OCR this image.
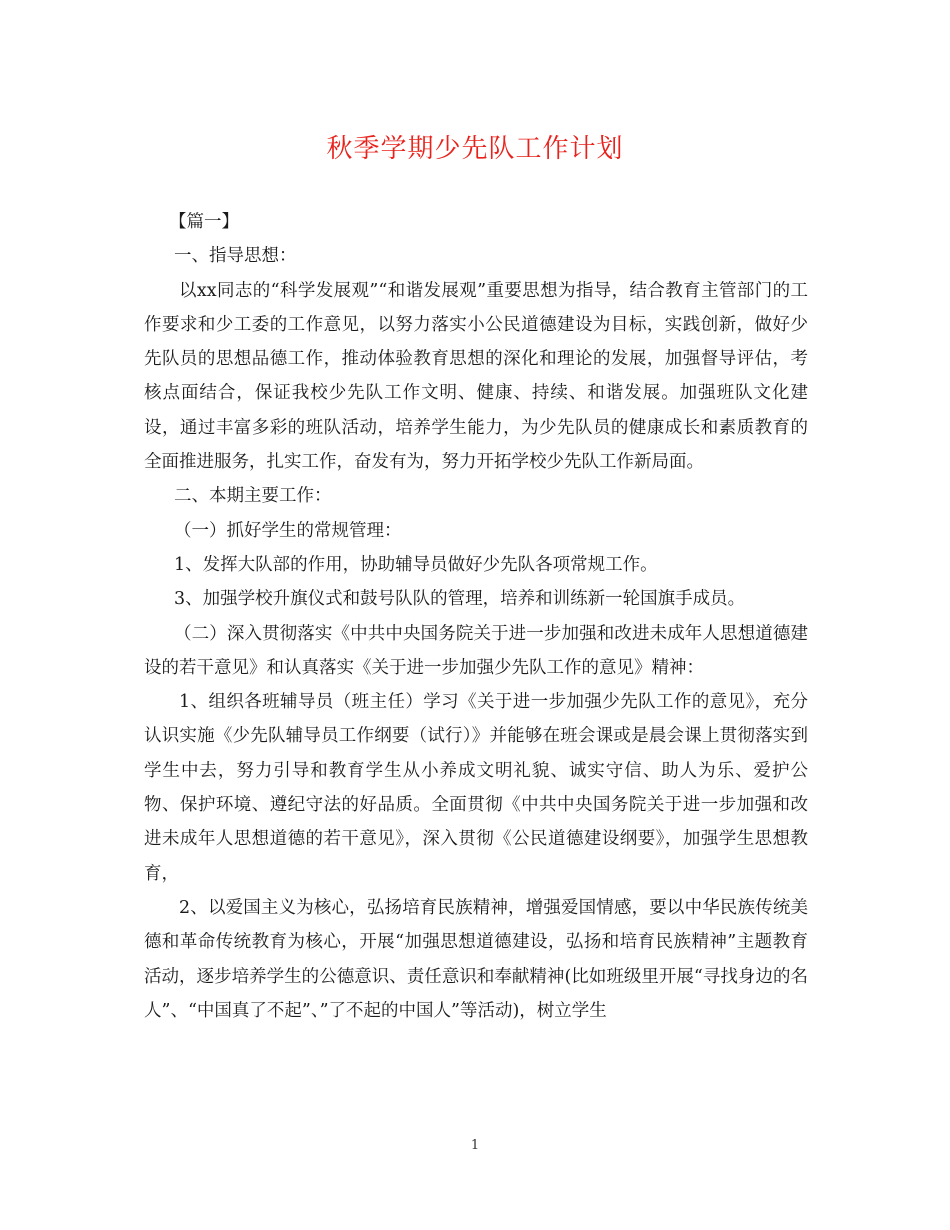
秋季学期少先队工作计划

【篇一】

一、指导思想：

以xx同志的“科学发展观”“和谐发展观”重要思想为指导，结合教育主管部门的工作要求和少工委的工作意见，以努力落实小公民道德建设为目标，实践创新，做好少先队员的思想品德工作，推动体验教育思想的深化和理论的发展，加强督导评估，考核点面结合，保证我校少先队工作文明、健康、持续、和谐发展。加强班队文化建设，通过丰富多彩的班队活动，培养学生能力，为少先队员的健康成长和素质教育的全面推进服务，扎实工作，奋发有为，努力开拓学校少先队工作新局面。

二、本期主要工作：

（一）抓好学生的常规管理：

1、发挥大队部的作用，协助辅导员做好少先队各项常规工作。

3、加强学校升旗仪式和鼓号队队的管理，培养和训练新一轮国旗手成员。

（二）深入贯彻落实《中共中央国务院关于进一步加强和改进未成年人思想道德建设的若干意见》和认真落实《关于进一步加强少先队工作的意见》精神：

1、组织各班辅导员（班主任）学习《关于进一步加强少先队工作的意见》，充分认识实施《少先队辅导员工作纲要（试行）》并能够在班会课或是晨会课上贯彻落实到学生中去，努力引导和教育学生从小养成文明礼貌、诚实守信、助人为乐、爱护公物、保护环境、遵纪守法的好品质。全面贯彻《中共中央国务院关于进一步加强和改进未成年人思想道德的若干意见》，深入贯彻《公民道德建设纲要》，加强学生思想教育，

2、以爱国主义为核心，弘扬培育民族精神，增强爱国情感，要以中华民族传统美德和革命传统教育为核心，开展“加强思想道德建设，弘扬和培育民族精神”主题教育活动，逐步培养学生的公德意识、责任意识和奉献精神(比如班级里开展“寻找身边的名人”、“中国真了不起”、”了不起的中国人”等活动)，树立学生

1
